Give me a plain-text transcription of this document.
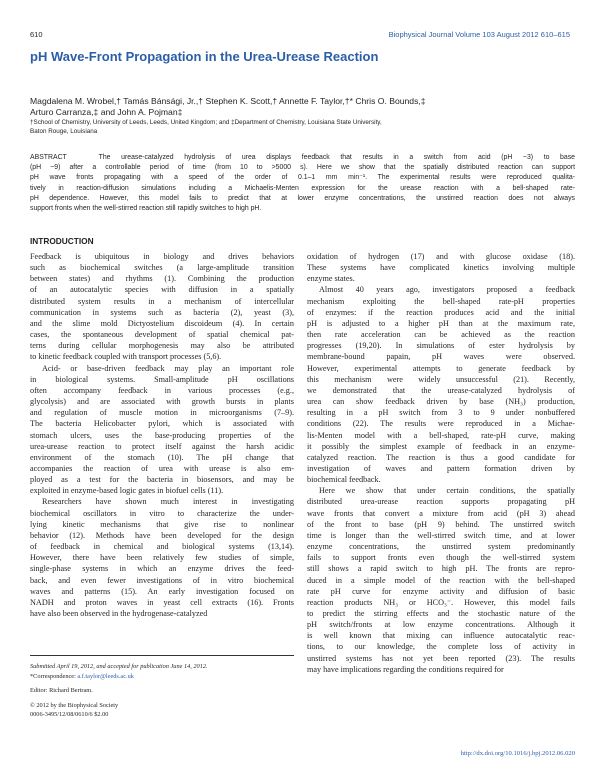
610	Biophysical Journal Volume 103 August 2012 610–615
pH Wave-Front Propagation in the Urea-Urease Reaction
Magdalena M. Wrobel,† Tamás Bánsági, Jr.,† Stephen K. Scott,† Annette F. Taylor,†* Chris O. Bounds,‡
Arturo Carranza,‡ and John A. Pojman‡
†School of Chemistry, University of Leeds, Leeds, United Kingdom; and ‡Department of Chemistry, Louisiana State University,
Baton Rouge, Louisiana
ABSTRACT	The urease-catalyzed hydrolysis of urea displays feedback that results in a switch from acid (pH ~3) to base
(pH ~9) after a controllable period of time (from 10 to >5000 s). Here we show that the spatially distributed reaction can support
pH wave fronts propagating with a speed of the order of 0.1–1 mm min⁻¹. The experimental results were reproduced qualita-
tively in reaction-diffusion simulations including a Michaelis-Menten expression for the urease reaction with a bell-shaped rate-
pH dependence. However, this model fails to predict that at lower enzyme concentrations, the unstirred reaction does not always
support fronts when the well-stirred reaction still rapidly switches to high pH.
INTRODUCTION
Feedback is ubiquitous in biology and drives behaviors
such as biochemical switches (a large-amplitude transition
between states) and rhythms (1). Combining the production
of an autocatalytic species with diffusion in a spatially
distributed system results in a mechanism of intercellular
communication in systems such as bacteria (2), yeast (3),
and the slime mold Dictyostelium discoideum (4). In certain
cases, the spontaneous development of spatial chemical pat-
terns during cellular morphogenesis may also be attributed
to kinetic feedback coupled with transport processes (5,6).
Acid- or base-driven feedback may play an important role
in biological systems. Small-amplitude pH oscillations
often accompany feedback in various processes (e.g.,
glycolysis) and are associated with growth bursts in plants
and regulation of muscle motion in microorganisms (7–9).
The bacteria Helicobacter pylori, which is associated with
stomach ulcers, uses the base-producing properties of the
urea-urease reaction to protect itself against the harsh acidic
environment of the stomach (10). The pH change that
accompanies the reaction of urea with urease is also em-
ployed as a test for the bacteria in biosensors, and may be
exploited in enzyme-based logic gates in biofuel cells (11).
Researchers have shown much interest in investigating
biochemical oscillators in vitro to characterize the under-
lying kinetic mechanisms that give rise to nonlinear
behavior (12). Methods have been developed for the design
of feedback in chemical and biological systems (13,14).
However, there have been relatively few studies of simple,
single-phase systems in which an enzyme drives the feed-
back, and even fewer investigations of in vitro biochemical
waves and patterns (15). An early investigation focused on
NADH and proton waves in yeast cell extracts (16). Fronts
have also been observed in the hydrogenase-catalyzed
oxidation of hydrogen (17) and with glucose oxidase (18).
These systems have complicated kinetics involving multiple
enzyme states.
Almost 40 years ago, investigators proposed a feedback
mechanism exploiting the bell-shaped rate-pH properties
of enzymes: if the reaction produces acid and the initial
pH is adjusted to a higher pH than at the maximum rate,
then rate acceleration can be achieved as the reaction
progresses (19,20). In simulations of ester hydrolysis by
membrane-bound papain, pH waves were observed.
However, experimental attempts to generate feedback by
this mechanism were widely unsuccessful (21). Recently,
we demonstrated that the urease-catalyzed hydrolysis of
urea can show feedback driven by base (NH₃) production,
resulting in a pH switch from 3 to 9 under nonbuffered
conditions (22). The results were reproduced in a Michae-
lis-Menten model with a bell-shaped, rate-pH curve, making
it possibly the simplest example of feedback in an enzyme-
catalyzed reaction. The reaction is thus a good candidate for
investigation of waves and pattern formation driven by
biochemical feedback.
Here we show that under certain conditions, the spatially
distributed urea-urease reaction supports propagating pH
wave fronts that convert a mixture from acid (pH 3) ahead
of the front to base (pH 9) behind. The unstirred switch
time is longer than the well-stirred switch time, and at lower
enzyme concentrations, the unstirred system predominantly
fails to support fronts even though the well-stirred system
still shows a rapid switch to high pH. The fronts are repro-
duced in a simple model of the reaction with the bell-shaped
rate pH curve for enzyme activity and diffusion of basic
reaction products NH₃ or HCO₃⁻. However, this model fails
to predict the stirring effects and the stochastic nature of the
pH switch/fronts at low enzyme concentrations. Although it
is well known that mixing can influence autocatalytic reac-
tions, to our knowledge, the complete loss of activity in
unstirred systems has not yet been reported (23). The results
may have implications regarding the conditions required for
Submitted April 19, 2012, and accepted for publication June 14, 2012.
*Correspondence: a.f.taylor@leeds.ac.uk
Editor: Richard Bertram.
© 2012 by the Biophysical Society
0006-3495/12/08/0610/6 $2.00
http://dx.doi.org/10.1016/j.bpj.2012.06.020
